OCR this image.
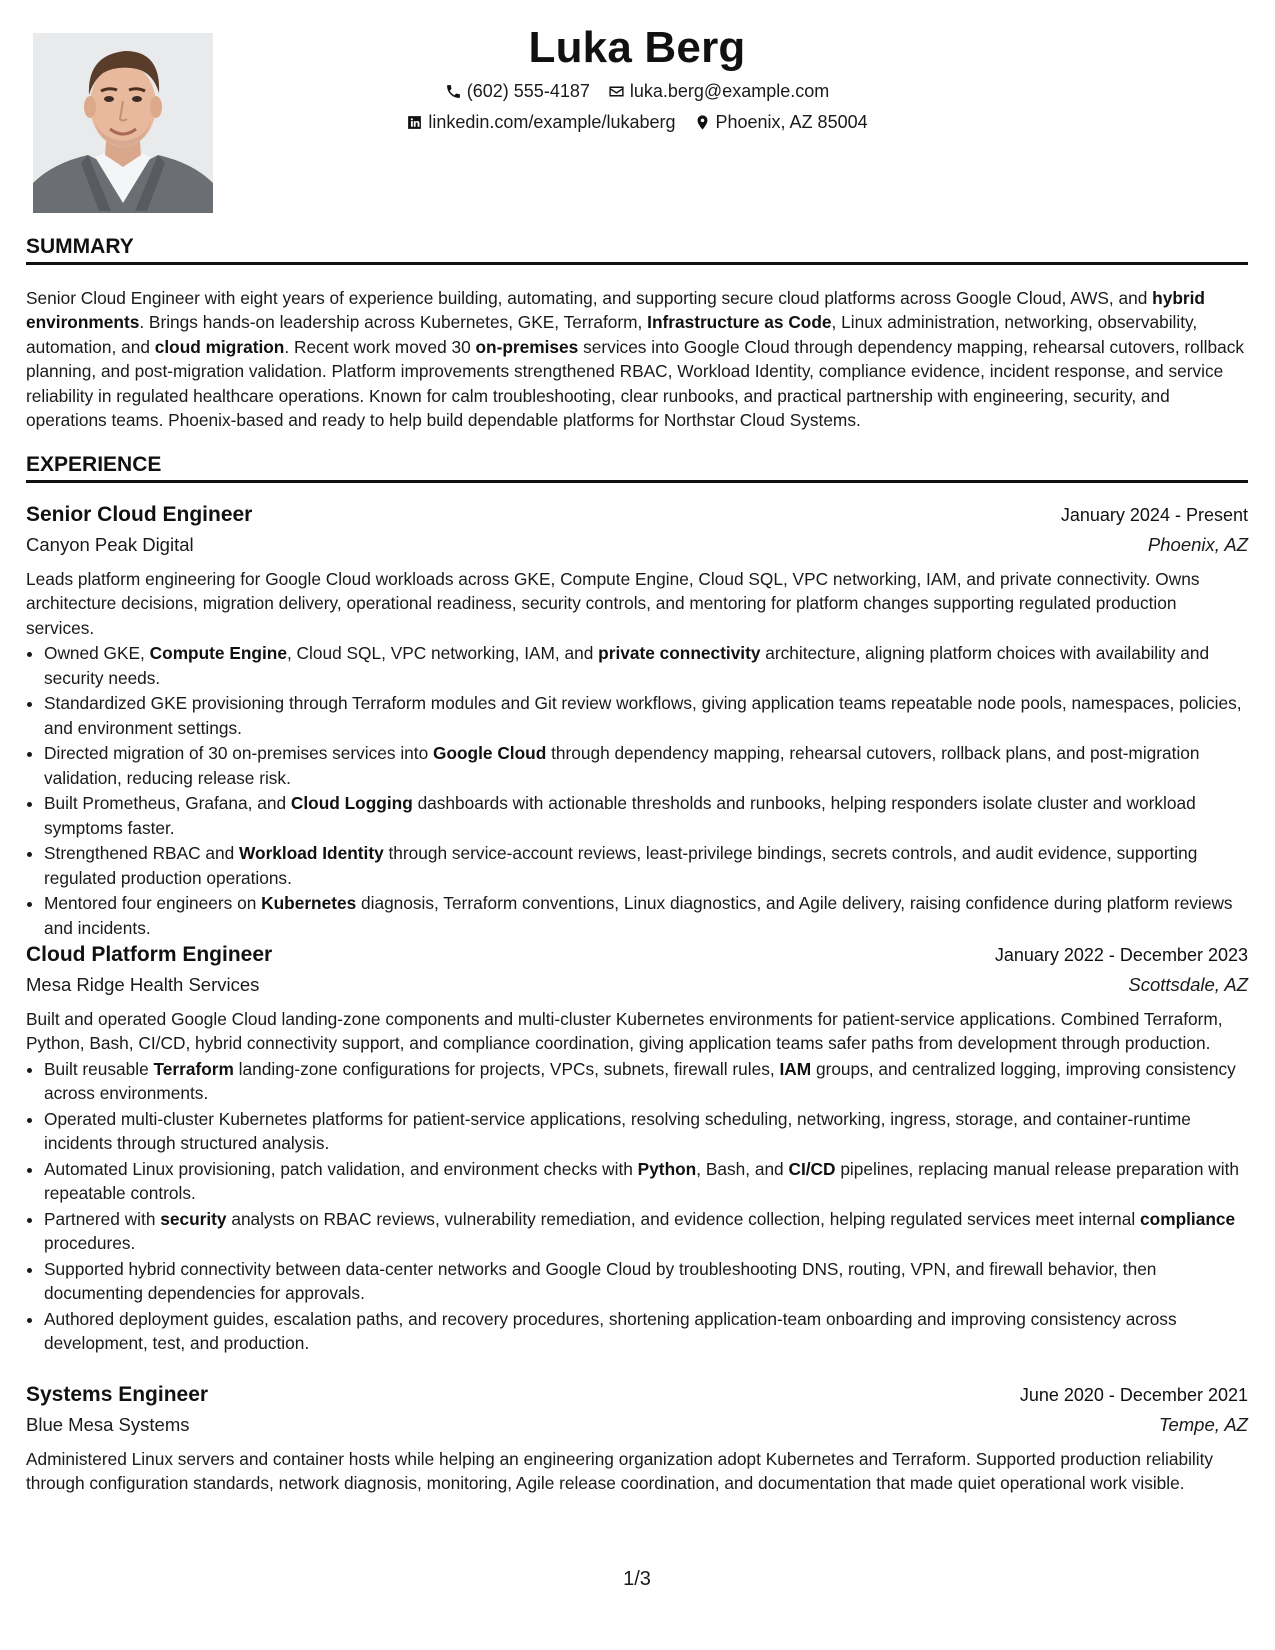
Luka Berg
(602) 555-4187 luka.berg@example.com
linkedin.com/example/lukaberg Phoenix, AZ 85004
SUMMARY

Senior Cloud Engineer with eight years of experience building, automating, and supporting secure cloud platforms across Google Cloud, AWS, and hybrid environments. Brings hands-on leadership across Kubernetes, GKE, Terraform, Infrastructure as Code, Linux administration, networking, observability, automation, and cloud migration. Recent work moved 30 on-premises services into Google Cloud through dependency mapping, rehearsal cutovers, rollback planning, and post-migration validation. Platform improvements strengthened RBAC, Workload Identity, compliance evidence, incident response, and service reliability in regulated healthcare operations. Known for calm troubleshooting, clear runbooks, and practical partnership with engineering, security, and operations teams. Phoenix-based and ready to help build dependable platforms for Northstar Cloud Systems.

EXPERIENCE
Senior Cloud Engineer	January 2024 - Present
Canyon Peak Digital	Phoenix, AZ

Leads platform engineering for Google Cloud workloads across GKE, Compute Engine, Cloud SQL, VPC networking, IAM, and private connectivity. Owns architecture decisions, migration delivery, operational readiness, security controls, and mentoring for platform changes supporting regulated production services.

• Owned GKE, Compute Engine, Cloud SQL, VPC networking, IAM, and private connectivity architecture, aligning platform choices with availability and security needs.
• Standardized GKE provisioning through Terraform modules and Git review workflows, giving application teams repeatable node pools, namespaces, policies, and environment settings.
• Directed migration of 30 on-premises services into Google Cloud through dependency mapping, rehearsal cutovers, rollback plans, and post-migration validation, reducing release risk.
• Built Prometheus, Grafana, and Cloud Logging dashboards with actionable thresholds and runbooks, helping responders isolate cluster and workload symptoms faster.
• Strengthened RBAC and Workload Identity through service-account reviews, least-privilege bindings, secrets controls, and audit evidence, supporting regulated production operations.
• Mentored four engineers on Kubernetes diagnosis, Terraform conventions, Linux diagnostics, and Agile delivery, raising confidence during platform reviews and incidents.
Cloud Platform Engineer	January 2022 - December 2023
Mesa Ridge Health Services	Scottsdale, AZ

Built and operated Google Cloud landing-zone components and multi-cluster Kubernetes environments for patient-service applications. Combined Terraform, Python, Bash, CI/CD, hybrid connectivity support, and compliance coordination, giving application teams safer paths from development through production.

• Built reusable Terraform landing-zone configurations for projects, VPCs, subnets, firewall rules, IAM groups, and centralized logging, improving consistency across environments.
• Operated multi-cluster Kubernetes platforms for patient-service applications, resolving scheduling, networking, ingress, storage, and container-runtime incidents through structured analysis.
• Automated Linux provisioning, patch validation, and environment checks with Python, Bash, and CI/CD pipelines, replacing manual release preparation with repeatable controls.
• Partnered with security analysts on RBAC reviews, vulnerability remediation, and evidence collection, helping regulated services meet internal compliance procedures.
• Supported hybrid connectivity between data-center networks and Google Cloud by troubleshooting DNS, routing, VPN, and firewall behavior, then documenting dependencies for approvals.
• Authored deployment guides, escalation paths, and recovery procedures, shortening application-team onboarding and improving consistency across development, test, and production.
Systems Engineer	June 2020 - December 2021
Blue Mesa Systems	Tempe, AZ

Administered Linux servers and container hosts while helping an engineering organization adopt Kubernetes and Terraform. Supported production reliability through configuration standards, network diagnosis, monitoring, Agile release coordination, and documentation that made quiet operational work visible.

1/3
